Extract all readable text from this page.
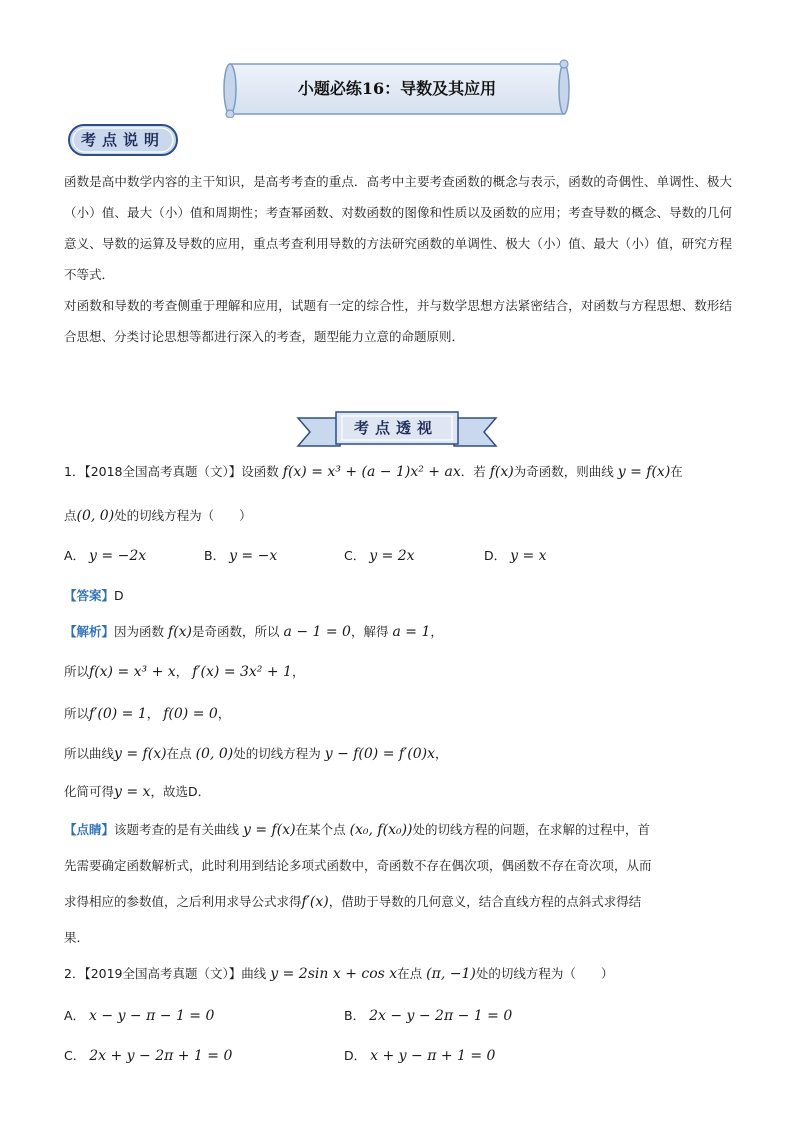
小题必练16：导数及其应用
考点说明

函数是高中数学内容的主干知识，是高考考查的重点．高考中主要考查函数的概念与表示，函数的奇偶性、单调性、极大（小）值、最大（小）值和周期性；考查幂函数、对数函数的图像和性质以及函数的应用；考查导数的概念、导数的几何意义、导数的运算及导数的应用，重点考查利用导数的方法研究函数的单调性、极大（小）值、最大（小）值，研究方程不等式．

对函数和导数的考查侧重于理解和应用，试题有一定的综合性，并与数学思想方法紧密结合，对函数与方程思想、数形结合思想、分类讨论思想等都进行深入的考查，题型能力立意的命题原则．

考点透视
1．【2018全国高考真题（文）】设函数 f(x) = x³ + (a − 1)x² + ax．若 f(x)为奇函数，则曲线 y = f(x)在
点(0, 0)处的切线方程为（　　）
A． y = −2x	B． y = −x	C． y = 2x	D． y = x
【答案】D
【解析】因为函数 f(x)是奇函数，所以 a − 1 = 0，解得 a = 1，
所以f(x) = x³ + x， f′(x) = 3x² + 1，
所以f′(0) = 1， f(0) = 0，
所以曲线y = f(x)在点 (0, 0)处的切线方程为 y − f(0) = f′(0)x，
化简可得y = x，故选D．
【点睛】该题考查的是有关曲线 y = f(x)在某个点 (x₀, f(x₀))处的切线方程的问题，在求解的过程中，首
先需要确定函数解析式，此时利用到结论多项式函数中，奇函数不存在偶次项，偶函数不存在奇次项，从而
求得相应的参数值，之后利用求导公式求得f′(x)，借助于导数的几何意义，结合直线方程的点斜式求得结
果．
2．【2019全国高考真题（文）】曲线 y = 2sin x + cos x在点 (π, −1)处的切线方程为（　　）
A． x − y − π − 1 = 0	B． 2x − y − 2π − 1 = 0
C． 2x + y − 2π + 1 = 0	D． x + y − π + 1 = 0
